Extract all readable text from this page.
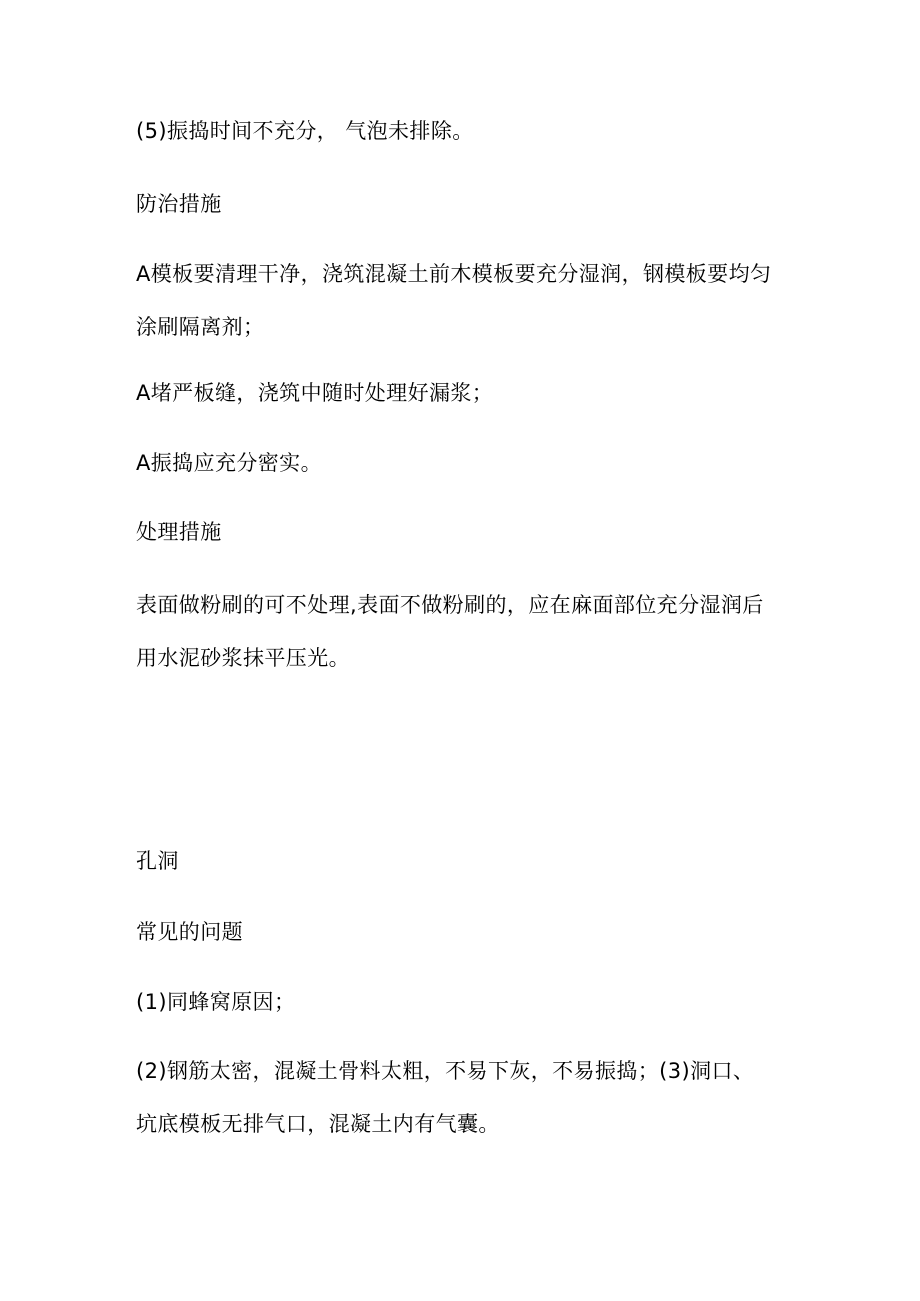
(5)振捣时间不充分， 气泡未排除。
防治措施
A模板要清理干净，浇筑混凝土前木模板要充分湿润，钢模板要均匀
涂刷隔离剂；
A堵严板缝，浇筑中随时处理好漏浆；
A振捣应充分密实。
处理措施
表面做粉刷的可不处理,表面不做粉刷的，应在麻面部位充分湿润后
用水泥砂浆抹平压光。
孔洞
常见的问题
(1)同蜂窝原因；
(2)钢筋太密，混凝土骨料太粗，不易下灰，不易振捣；(3)洞口、
坑底模板无排气口，混凝土内有气囊。
